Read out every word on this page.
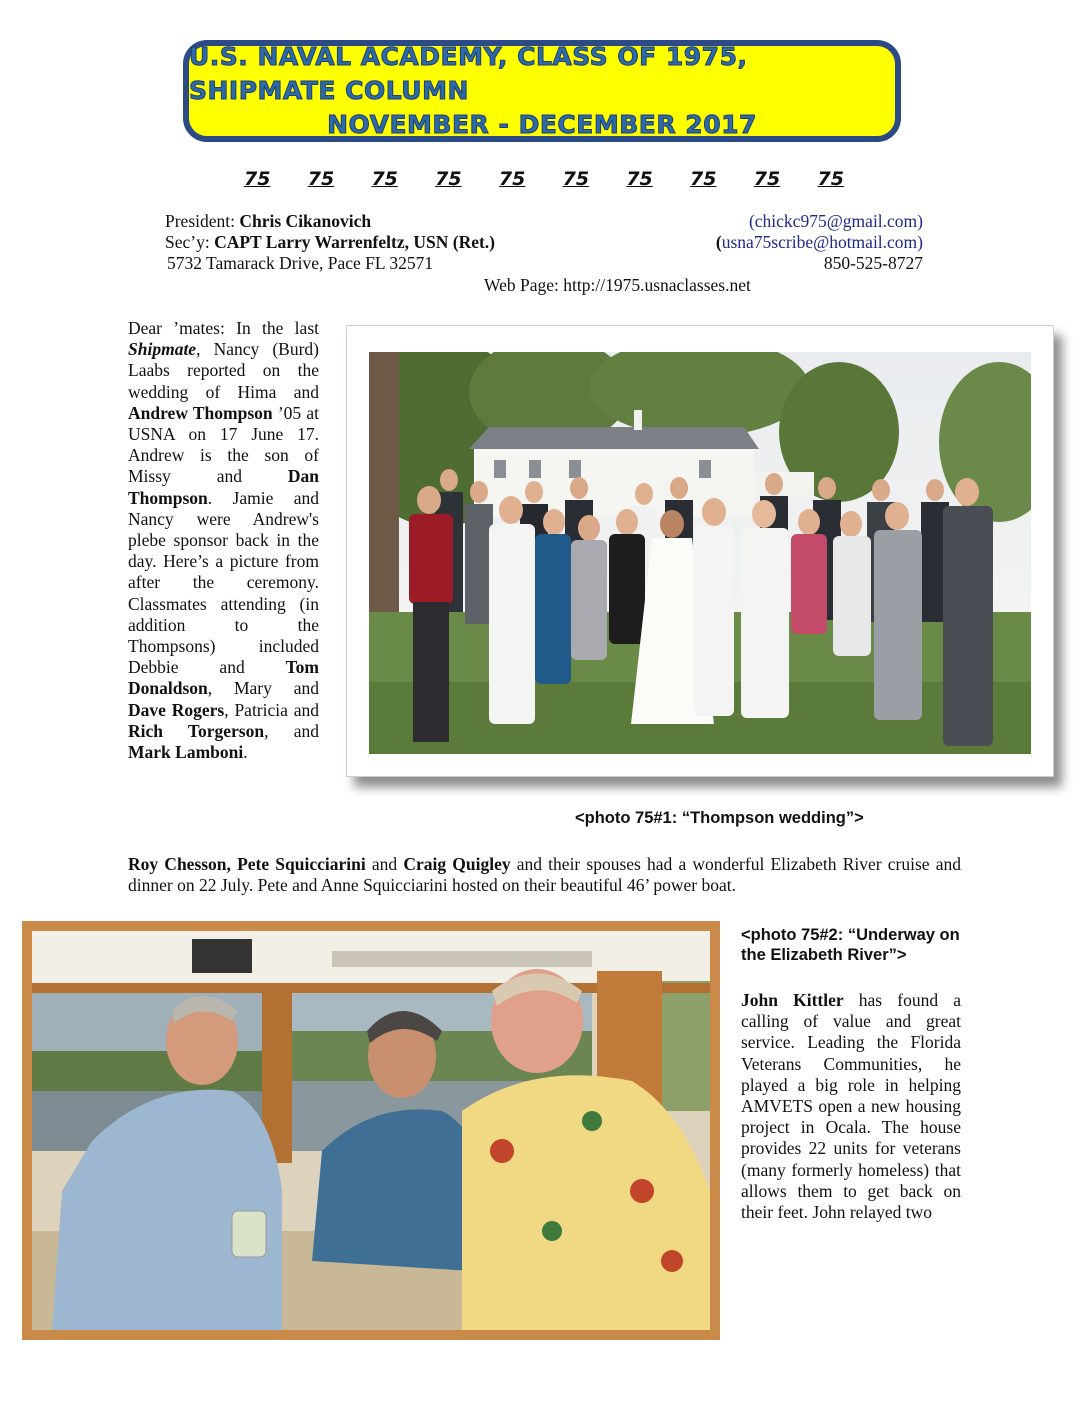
U.S. NAVAL ACADEMY, CLASS OF 1975, SHIPMATE COLUMN
NOVEMBER - DECEMBER 2017
75 75 75 75 75 75 75 75 75 75
President: Chris Cikanovich	(chickc975@gmail.com)
Sec’y: CAPT Larry Warrenfeltz, USN (Ret.)	(usna75scribe@hotmail.com)
5732 Tamarack Drive, Pace FL 32571	850-525-8727
Web Page: http://1975.usnaclasses.net
Dear ’mates: In the last Shipmate, Nancy (Burd) Laabs reported on the wedding of Hima and Andrew Thompson ’05 at USNA on 17 June 17. Andrew is the son of Missy and Dan Thompson. Jamie and Nancy were Andrew's plebe sponsor back in the day. Here’s a picture from after the ceremony. Classmates attending (in addition to the Thompsons) included Debbie and Tom Donaldson, Mary and Dave Rogers, Patricia and Rich Torgerson, and Mark Lamboni.
<photo 75#1: “Thompson wedding”>
Roy Chesson, Pete Squicciarini and Craig Quigley and their spouses had a wonderful Elizabeth River cruise and dinner on 22 July. Pete and Anne Squicciarini hosted on their beautiful 46’ power boat.
<photo 75#2: “Underway on the Elizabeth River”>
John Kittler has found a calling of value and great service. Leading the Florida Veterans Communities, he played a big role in helping AMVETS open a new housing project in Ocala. The house provides 22 units for veterans (many formerly homeless) that allows them to get back on their feet. John relayed two
